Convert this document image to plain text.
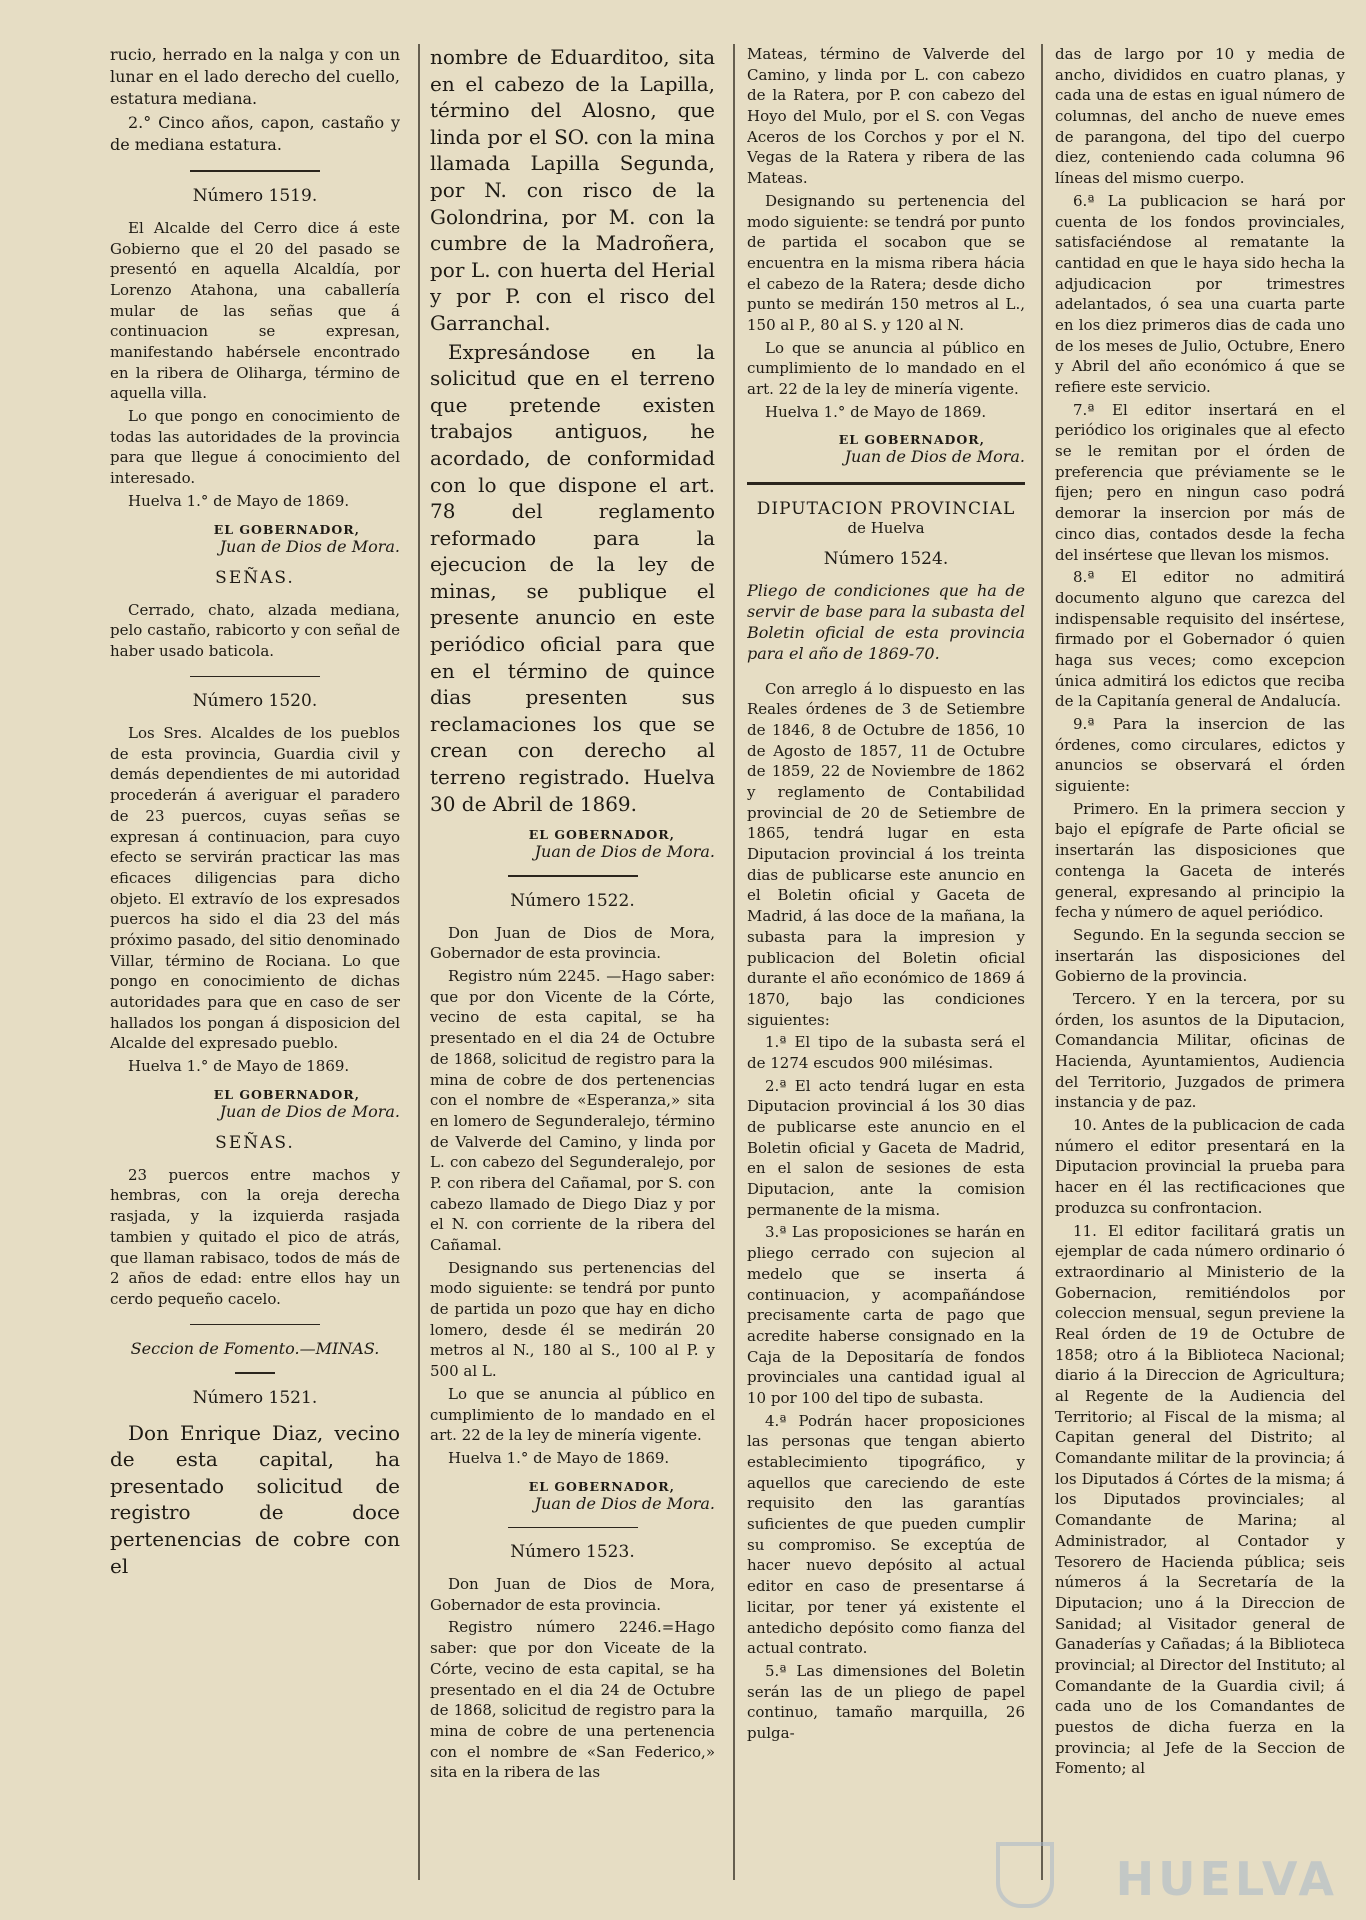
rucio, herrado en la nalga y con un lunar en el lado derecho del cuello, estatura mediana.

2.° Cinco años, capon, castaño y de mediana estatura.

Número 1519.

El Alcalde del Cerro dice á este Gobierno que el 20 del pasado se presentó en aquella Alcaldía, por Lorenzo Atahona, una caballería mular de las señas que á continuacion se expresan, manifestando habérsele encontrado en la ribera de Oliharga, término de aquella villa.

Lo que pongo en conocimiento de todas las autoridades de la provincia para que llegue á conocimiento del interesado.

Huelva 1.° de Mayo de 1869.

EL GOBERNADOR,
Juan de Dios de Mora.
SEÑAS.

Cerrado, chato, alzada mediana, pelo castaño, rabicorto y con señal de haber usado baticola.

Número 1520.

Los Sres. Alcaldes de los pueblos de esta provincia, Guardia civil y demás dependientes de mi autoridad procederán á averiguar el paradero de 23 puercos, cuyas señas se expresan á continuacion, para cuyo efecto se servirán practicar las mas eficaces diligencias para dicho objeto. El extravío de los expresados puercos ha sido el dia 23 del más próximo pasado, del sitio denominado Villar, término de Rociana. Lo que pongo en conocimiento de dichas autoridades para que en caso de ser hallados los pongan á disposicion del Alcalde del expresado pueblo.

Huelva 1.° de Mayo de 1869.

EL GOBERNADOR,
Juan de Dios de Mora.
SEÑAS.

23 puercos entre machos y hembras, con la oreja derecha rasjada, y la izquierda rasjada tambien y quitado el pico de atrás, que llaman rabisaco, todos de más de 2 años de edad: entre ellos hay un cerdo pequeño cacelo.

Seccion de Fomento.—MINAS.
Número 1521.

Don Enrique Diaz, vecino de esta capital, ha presentado solicitud de registro de doce pertenencias de cobre con el

nombre de Eduarditoo, sita en el cabezo de la Lapilla, término del Alosno, que linda por el SO. con la mina llamada Lapilla Segunda, por N. con risco de la Golondrina, por M. con la cumbre de la Madroñera, por L. con huerta del Herial y por P. con el risco del Garranchal.

Expresándose en la solicitud que en el terreno que pretende existen trabajos antiguos, he acordado, de conformidad con lo que dispone el art. 78 del reglamento reformado para la ejecucion de la ley de minas, se publique el presente anuncio en este periódico oficial para que en el término de quince dias presenten sus reclamaciones los que se crean con derecho al terreno registrado. Huelva 30 de Abril de 1869.

EL GOBERNADOR,
Juan de Dios de Mora.
Número 1522.

Don Juan de Dios de Mora, Gobernador de esta provincia.

Registro núm 2245. —Hago saber: que por don Vicente de la Córte, vecino de esta capital, se ha presentado en el dia 24 de Octubre de 1868, solicitud de registro para la mina de cobre de dos pertenencias con el nombre de «Esperanza,» sita en lomero de Segunderalejo, término de Valverde del Camino, y linda por L. con cabezo del Segunderalejo, por P. con ribera del Cañamal, por S. con cabezo llamado de Diego Diaz y por el N. con corriente de la ribera del Cañamal.

Designando sus pertenencias del modo siguiente: se tendrá por punto de partida un pozo que hay en dicho lomero, desde él se medirán 20 metros al N., 180 al S., 100 al P. y 500 al L.

Lo que se anuncia al público en cumplimiento de lo mandado en el art. 22 de la ley de minería vigente.

Huelva 1.° de Mayo de 1869.

EL GOBERNADOR,
Juan de Dios de Mora.
Número 1523.

Don Juan de Dios de Mora, Gobernador de esta provincia.

Registro número 2246.=Hago saber: que por don Viceate de la Córte, vecino de esta capital, se ha presentado en el dia 24 de Octubre de 1868, solicitud de registro para la mina de cobre de una pertenencia con el nombre de «San Federico,» sita en la ribera de las

Mateas, término de Valverde del Camino, y linda por L. con cabezo de la Ratera, por P. con cabezo del Hoyo del Mulo, por el S. con Vegas Aceros de los Corchos y por el N. Vegas de la Ratera y ribera de las Mateas.

Designando su pertenencia del modo siguiente: se tendrá por punto de partida el socabon que se encuentra en la misma ribera hácia el cabezo de la Ratera; desde dicho punto se medirán 150 metros al L., 150 al P., 80 al S. y 120 al N.

Lo que se anuncia al público en cumplimiento de lo mandado en el art. 22 de la ley de minería vigente.

Huelva 1.° de Mayo de 1869.

EL GOBERNADOR,
Juan de Dios de Mora.
DIPUTACION PROVINCIAL
de Huelva
Número 1524.

Pliego de condiciones que ha de servir de base para la subasta del Boletin oficial de esta provincia para el año de 1869-70.

Con arreglo á lo dispuesto en las Reales órdenes de 3 de Setiembre de 1846, 8 de Octubre de 1856, 10 de Agosto de 1857, 11 de Octubre de 1859, 22 de Noviembre de 1862 y reglamento de Contabilidad provincial de 20 de Setiembre de 1865, tendrá lugar en esta Diputacion provincial á los treinta dias de publicarse este anuncio en el Boletin oficial y Gaceta de Madrid, á las doce de la mañana, la subasta para la impresion y publicacion del Boletin oficial durante el año económico de 1869 á 1870, bajo las condiciones siguientes:

1.ª El tipo de la subasta será el de 1274 escudos 900 milésimas.

2.ª El acto tendrá lugar en esta Diputacion provincial á los 30 dias de publicarse este anuncio en el Boletin oficial y Gaceta de Madrid, en el salon de sesiones de esta Diputacion, ante la comision permanente de la misma.

3.ª Las proposiciones se harán en pliego cerrado con sujecion al medelo que se inserta á continuacion, y acompañándose precisamente carta de pago que acredite haberse consignado en la Caja de la Depositaría de fondos provinciales una cantidad igual al 10 por 100 del tipo de subasta.

4.ª Podrán hacer proposiciones las personas que tengan abierto establecimiento tipográfico, y aquellos que careciendo de este requisito den las garantías suficientes de que pueden cumplir su compromiso. Se exceptúa de hacer nuevo depósito al actual editor en caso de presentarse á licitar, por tener yá existente el antedicho depósito como fianza del actual contrato.

5.ª Las dimensiones del Boletin serán las de un pliego de papel continuo, tamaño marquilla, 26 pulga-

das de largo por 10 y media de ancho, divididos en cuatro planas, y cada una de estas en igual número de columnas, del ancho de nueve emes de parangona, del tipo del cuerpo diez, conteniendo cada columna 96 líneas del mismo cuerpo.

6.ª La publicacion se hará por cuenta de los fondos provinciales, satisfaciéndose al rematante la cantidad en que le haya sido hecha la adjudicacion por trimestres adelantados, ó sea una cuarta parte en los diez primeros dias de cada uno de los meses de Julio, Octubre, Enero y Abril del año económico á que se refiere este servicio.

7.ª El editor insertará en el periódico los originales que al efecto se le remitan por el órden de preferencia que préviamente se le fijen; pero en ningun caso podrá demorar la insercion por más de cinco dias, contados desde la fecha del insértese que llevan los mismos.

8.ª El editor no admitirá documento alguno que carezca del indispensable requisito del insértese, firmado por el Gobernador ó quien haga sus veces; como excepcion única admitirá los edictos que reciba de la Capitanía general de Andalucía.

9.ª Para la insercion de las órdenes, como circulares, edictos y anuncios se observará el órden siguiente:

Primero. En la primera seccion y bajo el epígrafe de Parte oficial se insertarán las disposiciones que contenga la Gaceta de interés general, expresando al principio la fecha y número de aquel periódico.

Segundo. En la segunda seccion se insertarán las disposiciones del Gobierno de la provincia.

Tercero. Y en la tercera, por su órden, los asuntos de la Diputacion, Comandancia Militar, oficinas de Hacienda, Ayuntamientos, Audiencia del Territorio, Juzgados de primera instancia y de paz.

10. Antes de la publicacion de cada número el editor presentará en la Diputacion provincial la prueba para hacer en él las rectificaciones que produzca su confrontacion.

11. El editor facilitará gratis un ejemplar de cada número ordinario ó extraordinario al Ministerio de la Gobernacion, remitiéndolos por coleccion mensual, segun previene la Real órden de 19 de Octubre de 1858; otro á la Biblioteca Nacional; diario á la Direccion de Agricultura; al Regente de la Audiencia del Territorio; al Fiscal de la misma; al Capitan general del Distrito; al Comandante militar de la provincia; á los Diputados á Córtes de la misma; á los Diputados provinciales; al Comandante de Marina; al Administrador, al Contador y Tesorero de Hacienda pública; seis números á la Secretaría de la Diputacion; uno á la Direccion de Sanidad; al Visitador general de Ganaderías y Cañadas; á la Biblioteca provincial; al Director del Instituto; al Comandante de la Guardia civil; á cada uno de los Comandantes de puestos de dicha fuerza en la provincia; al Jefe de la Seccion de Fomento; al

HUELVA
